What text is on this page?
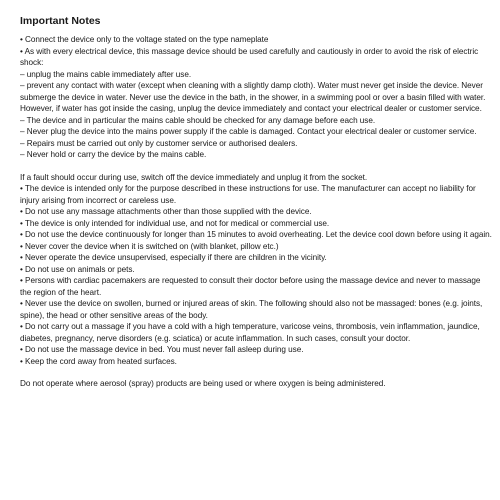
Important Notes

• Connect the device only to the voltage stated on the type nameplate

• As with every electrical device, this massage device should be used carefully and cautiously in order to avoid the risk of electric shock:

– unplug the mains cable immediately after use.

– prevent any contact with water (except when cleaning with a slightly damp cloth). Water must never get inside the device. Never submerge the device in water. Never use the device in the bath, in the shower, in a swimming pool or over a basin filled with water. However, if water has got inside the casing, unplug the device immediately and contact your electrical dealer or customer service.

– The device and in particular the mains cable should be checked for any damage before each use.

– Never plug the device into the mains power supply if the cable is damaged. Contact your electrical dealer or customer service.

– Repairs must be carried out only by customer service or authorised dealers.

– Never hold or carry the device by the mains cable.

If a fault should occur during use, switch off the device immediately and unplug it from the socket.

• The device is intended only for the purpose described in these instructions for use. The manufacturer can accept no liability for injury arising from incorrect or careless use.

• Do not use any massage attachments other than those supplied with the device.

• The device is only intended for individual use, and not for medical or commercial use.

• Do not use the device continuously for longer than 15 minutes to avoid overheating. Let the device cool down before using it again.

• Never cover the device when it is switched on (with blanket, pillow etc.)

• Never operate the device unsupervised, especially if there are children in the vicinity.

• Do not use on animals or pets.

• Persons with cardiac pacemakers are requested to consult their doctor before using the massage device and never to massage the region of the heart.

• Never use the device on swollen, burned or injured areas of skin. The following should also not be massaged: bones (e.g. joints, spine), the head or other sensitive areas of the body.

• Do not carry out a massage if you have a cold with a high temperature, varicose veins, thrombosis, vein inflammation, jaundice, diabetes, pregnancy, nerve disorders (e.g. sciatica) or acute inflammation. In such cases, consult your doctor.

• Do not use the massage device in bed. You must never fall asleep during use.

• Keep the cord away from heated surfaces.

Do not operate where aerosol (spray) products are being used or where oxygen is being administered.
